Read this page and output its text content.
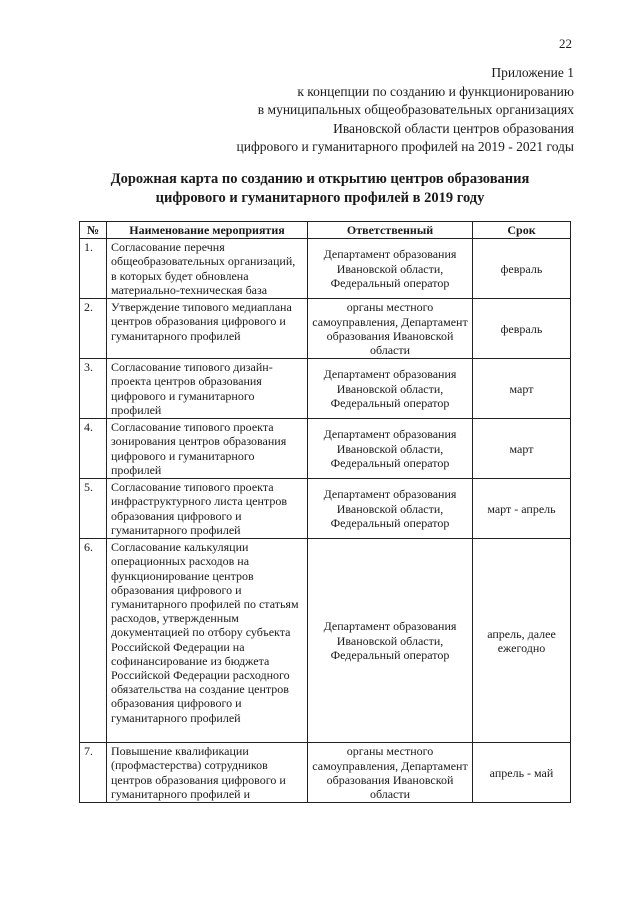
22
Приложение 1
к концепции по созданию и функционированию
в муниципальных общеобразовательных организациях
Ивановской области центров образования
цифрового и гуманитарного профилей на 2019 - 2021 годы
Дорожная карта по созданию и открытию центров образования
цифрового и гуманитарного профилей в 2019 году
№	Наименование мероприятия	Ответственный	Срок
1.	Согласование перечня общеобразовательных организаций, в которых будет обновлена материально-техническая база	Департамент образования Ивановской области, Федеральный оператор	февраль
2.	Утверждение типового медиаплана центров образования цифрового и гуманитарного профилей	органы местного самоуправления, Департамент образования Ивановской области	февраль
3.	Согласование типового дизайн-проекта центров образования цифрового и гуманитарного профилей	Департамент образования Ивановской области, Федеральный оператор	март
4.	Согласование типового проекта зонирования центров образования цифрового и гуманитарного профилей	Департамент образования Ивановской области, Федеральный оператор	март
5.	Согласование типового проекта инфраструктурного листа центров образования цифрового и гуманитарного профилей	Департамент образования Ивановской области, Федеральный оператор	март - апрель
6.	Согласование калькуляции операционных расходов на функционирование центров образования цифрового и гуманитарного профилей по статьям расходов, утвержденным документацией по отбору субъекта Российской Федерации на софинансирование из бюджета Российской Федерации расходного обязательства на создание центров образования цифрового и гуманитарного профилей	Департамент образования Ивановской области, Федеральный оператор	апрель, далее ежегодно
7.	Повышение квалификации (профмастерства) сотрудников центров образования цифрового и гуманитарного профилей и	органы местного самоуправления, Департамент образования Ивановской области	апрель - май
